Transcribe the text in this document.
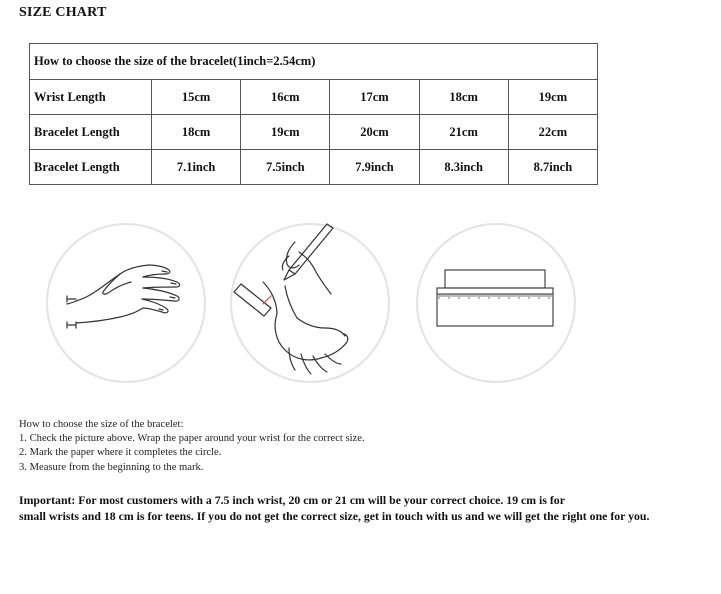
SIZE CHART
How to choose the size of the bracelet(1inch=2.54cm)					
Wrist Length	15cm	16cm	17cm	18cm	19cm
Bracelet Length	18cm	19cm	20cm	21cm	22cm
Bracelet Length	7.1inch	7.5inch	7.9inch	8.3inch	8.7inch
How to choose the size of the bracelet:
1. Check the picture above. Wrap the paper around your wrist for the correct size.
2. Mark the paper where it completes the circle.
3. Measure from the beginning to the mark.
Important: For most customers with a 7.5 inch wrist, 20 cm or 21 cm will be your correct choice. 19 cm is for
small wrists and 18 cm is for teens. If you do not get the correct size, get in touch with us and we will get the right one for you.
